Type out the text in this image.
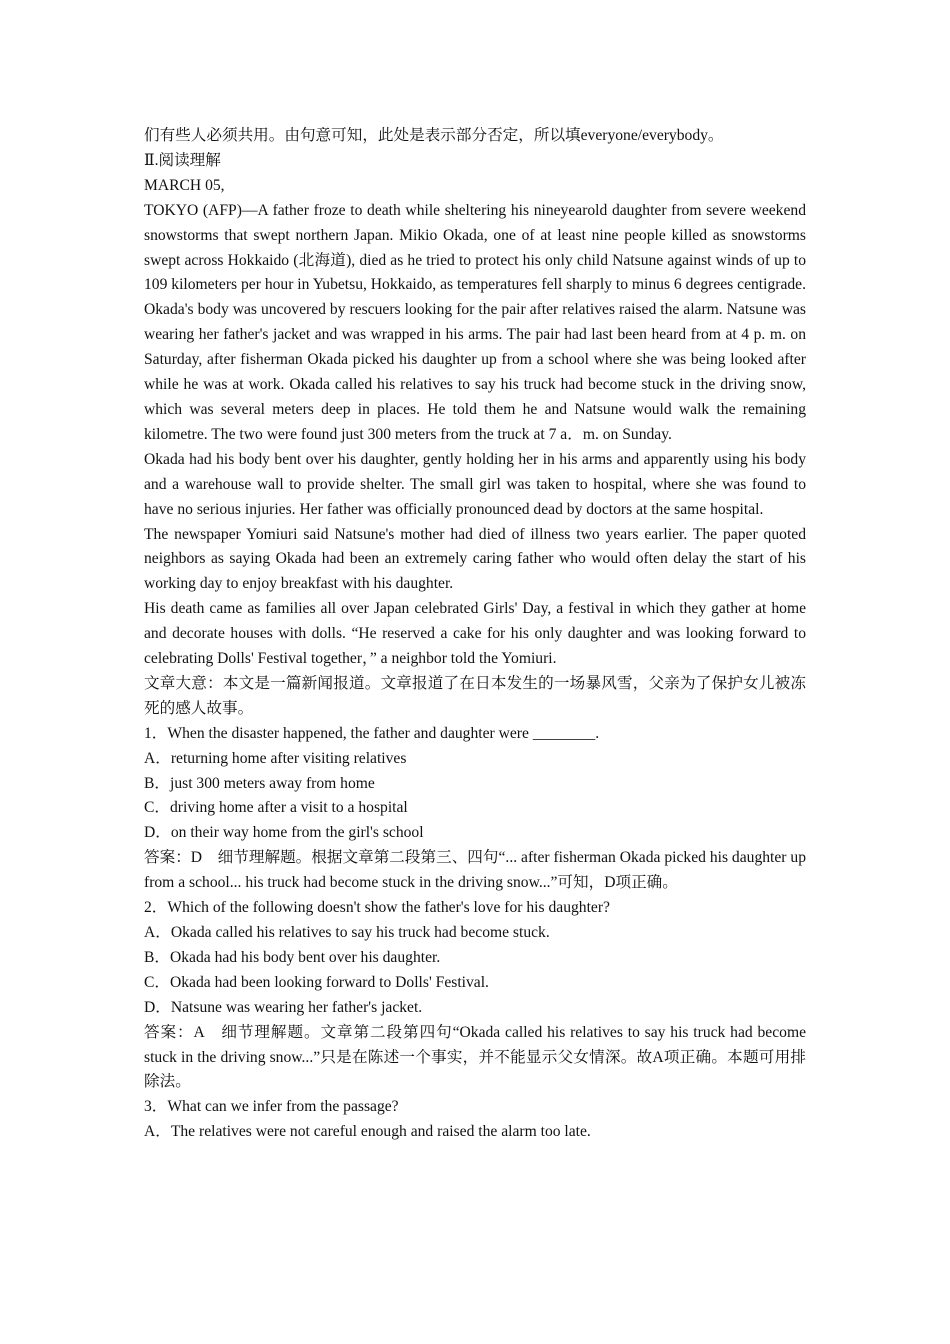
们有些人必须共用。由句意可知，此处是表示部分否定，所以填everyone/everybody。

Ⅱ.阅读理解

MARCH 05,

TOKYO (AFP)—A father froze to death while sheltering his nineyearold daughter from severe weekend snowstorms that swept northern Japan. Mikio Okada, one of at least nine people killed as snowstorms swept across Hokkaido (北海道), died as he tried to protect his only child Natsune against winds of up to 109 kilometers per hour in Yubetsu, Hokkaido, as temperatures fell sharply to minus 6 degrees centigrade.

Okada's body was uncovered by rescuers looking for the pair after relatives raised the alarm. Natsune was wearing her father's jacket and was wrapped in his arms. The pair had last been heard from at 4 p. m. on Saturday, after fisherman Okada picked his daughter up from a school where she was being looked after while he was at work. Okada called his relatives to say his truck had become stuck in the driving snow, which was several meters deep in places. He told them he and Natsune would walk the remaining kilometre. The two were found just 300 meters from the truck at 7 a．m. on Sunday.

Okada had his body bent over his daughter, gently holding her in his arms and apparently using his body and a warehouse wall to provide shelter. The small girl was taken to hospital, where she was found to have no serious injuries. Her father was officially pronounced dead by doctors at the same hospital.

The newspaper Yomiuri said Natsune's mother had died of illness two years earlier. The paper quoted neighbors as saying Okada had been an extremely caring father who would often delay the start of his working day to enjoy breakfast with his daughter.

His death came as families all over Japan celebrated Girls' Day, a festival in which they gather at home and decorate houses with dolls. “He reserved a cake for his only daughter and was looking forward to celebrating Dolls' Festival together，” a neighbor told the Yomiuri.

文章大意：本文是一篇新闻报道。文章报道了在日本发生的一场暴风雪，父亲为了保护女儿被冻死的感人故事。

1．When the disaster happened, the father and daughter were ________.

A．returning home after visiting relatives

B．just 300 meters away from home

C．driving home after a visit to a hospital

D．on their way home from the girl's school

答案：D　细节理解题。根据文章第二段第三、四句“... after fisherman Okada picked his daughter up from a school... his truck had become stuck in the driving snow...”可知，D项正确。

2．Which of the following doesn't show the father's love for his daughter?

A．Okada called his relatives to say his truck had become stuck.

B．Okada had his body bent over his daughter.

C．Okada had been looking forward to Dolls' Festival.

D．Natsune was wearing her father's jacket.

答案：A　细节理解题。文章第二段第四句“Okada called his relatives to say his truck had become stuck in the driving snow...”只是在陈述一个事实，并不能显示父女情深。故A项正确。本题可用排除法。

3．What can we infer from the passage?

A．The relatives were not careful enough and raised the alarm too late.
